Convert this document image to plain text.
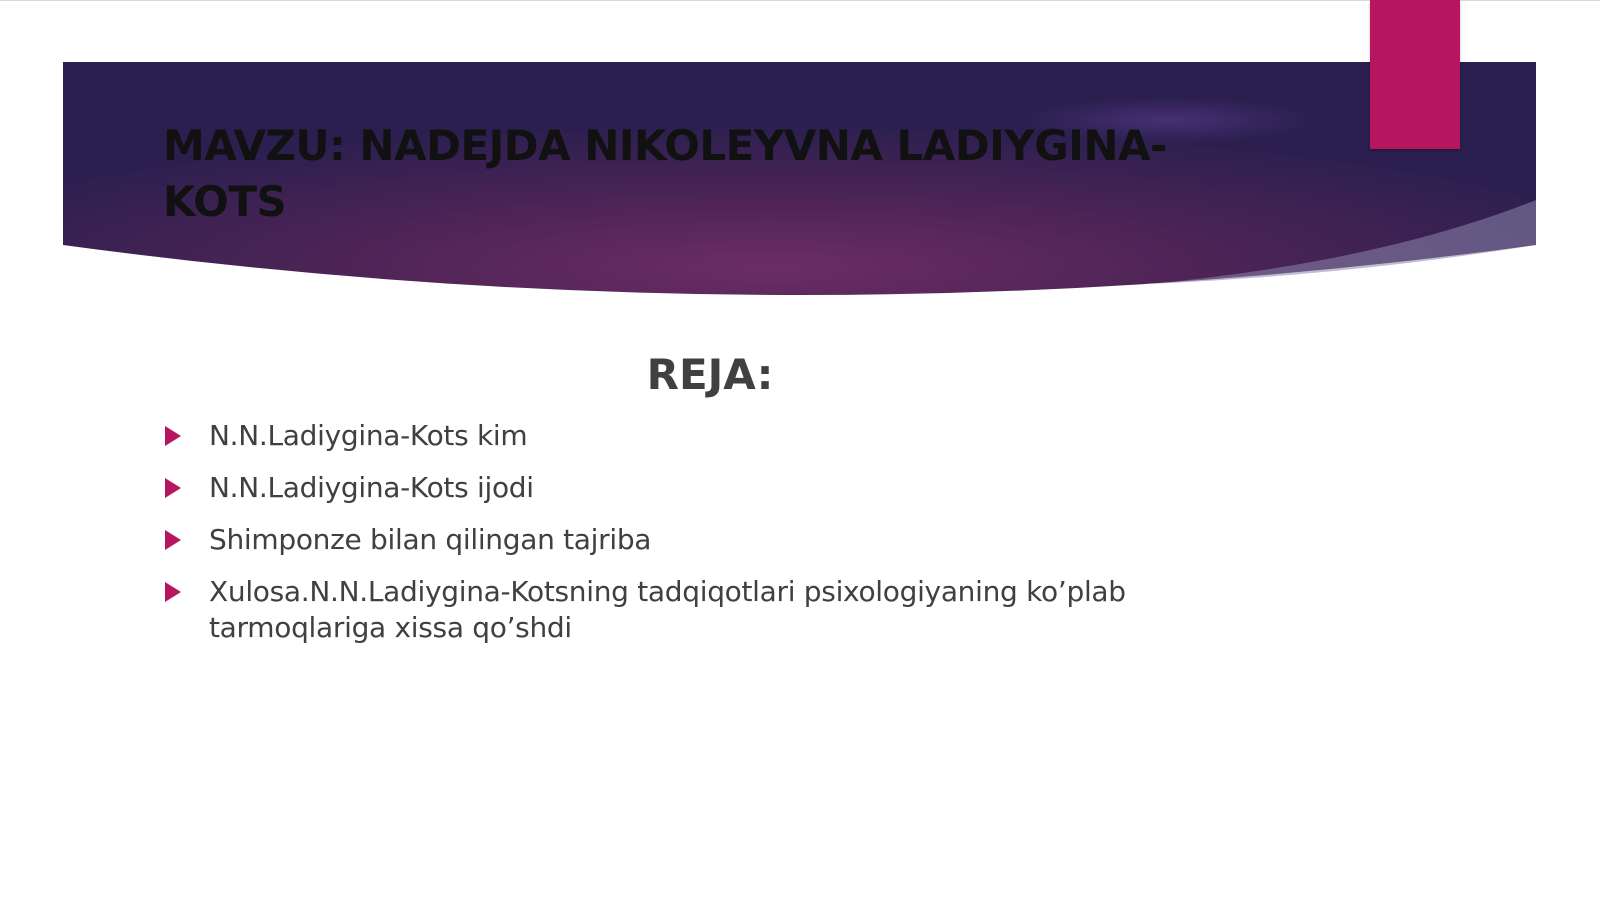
MAVZU: NADEJDA NIKOLEYVNA LADIYGINA-KOTS
REJA:
N.N.Ladiygina-Kots kim
N.N.Ladiygina-Kots ijodi
Shimponze bilan qilingan tajriba
Xulosa.N.N.Ladiygina-Kotsning tadqiqotlari psixologiyaning ko’plab tarmoqlariga xissa qo’shdi
